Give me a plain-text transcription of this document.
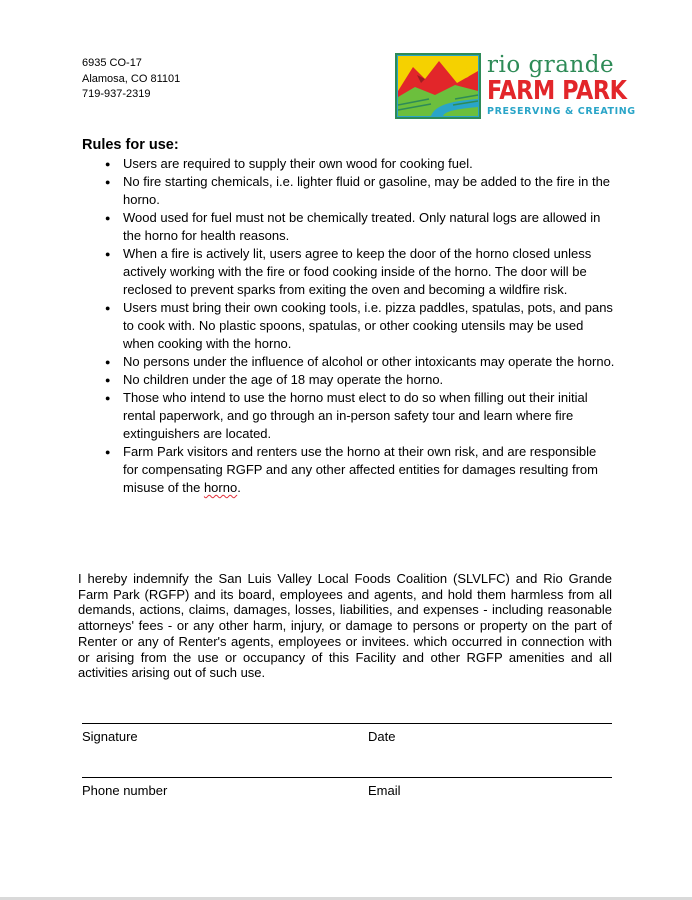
6935 CO-17
Alamosa, CO 81101
719-937-2319
rio grande
FARM PARK
PRESERVING & CREATING
Rules for use:
● Users are required to supply their own wood for cooking fuel.
● No fire starting chemicals, i.e. lighter fluid or gasoline, may be added to the fire in the horno.
● Wood used for fuel must not be chemically treated. Only natural logs are allowed in the horno for health reasons.
● When a fire is actively lit, users agree to keep the door of the horno closed unless actively working with the fire or food cooking inside of the horno. The door will be reclosed to prevent sparks from exiting the oven and becoming a wildfire risk.
● Users must bring their own cooking tools, i.e. pizza paddles, spatulas, pots, and pans to cook with. No plastic spoons, spatulas, or other cooking utensils may be used when cooking with the horno.
● No persons under the influence of alcohol or other intoxicants may operate the horno.
● No children under the age of 18 may operate the horno.
● Those who intend to use the horno must elect to do so when filling out their initial rental paperwork, and go through an in-person safety tour and learn where fire extinguishers are located.
● Farm Park visitors and renters use the horno at their own risk, and are responsible for compensating RGFP and any other affected entities for damages resulting from misuse of the horno.
I hereby indemnify the San Luis Valley Local Foods Coalition (SLVLFC) and Rio Grande Farm Park (RGFP) and its board, employees and agents, and hold them harmless from all demands, actions, claims, damages, losses, liabilities, and expenses - including reasonable attorneys' fees - or any other harm, injury, or damage to persons or property on the part of Renter or any of Renter's agents, employees or invitees. which occurred in connection with or arising from the use or occupancy of this Facility and other RGFP amenities and all activities arising out of such use.
Signature	Date
Phone number	Email
